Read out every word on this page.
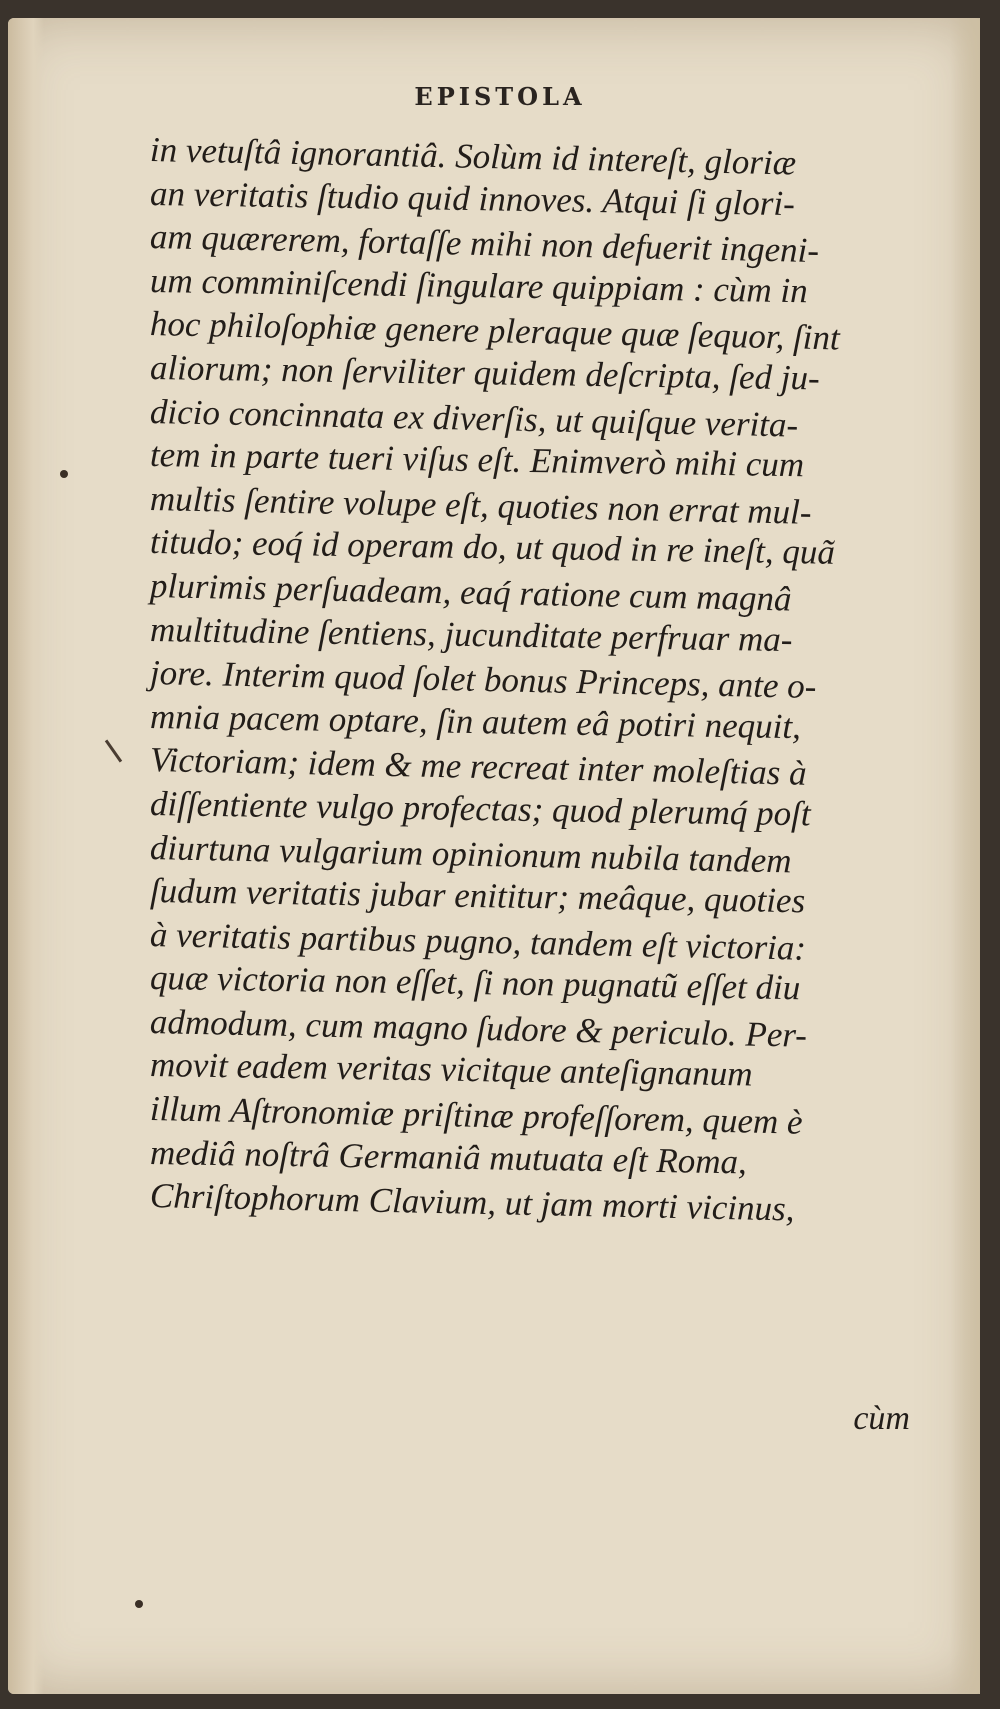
EPISTOLA
in vetuſtâ ignorantiâ. Solùm id intereſt, gloriæ
an veritatis ſtudio quid innoves. Atqui ſi glori-
am quærerem, fortaſſe mihi non defuerit ingeni-
um comminiſcendi ſingulare quippiam : cùm in
hoc philoſophiæ genere pleraque quæ ſequor, ſint
aliorum; non ſerviliter quidem deſcripta, ſed ju-
dicio concinnata ex diverſis, ut quiſque verita-
tem in parte tueri viſus eſt. Enimverò mihi cum
multis ſentire volupe eſt, quoties non errat mul-
titudo; eoq́ id operam do, ut quod in re ineſt, quã
plurimis perſuadeam, eaq́ ratione cum magnâ
multitudine ſentiens, jucunditate perfruar ma-
jore. Interim quod ſolet bonus Princeps, ante o-
mnia pacem optare, ſin autem eâ potiri nequit,
Victoriam; idem & me recreat inter moleſtias à
diſſentiente vulgo profectas; quod plerumq́ poſt
diurtuna vulgarium opinionum nubila tandem
ſudum veritatis jubar enititur; meâque, quoties
à veritatis partibus pugno, tandem eſt victoria:
quæ victoria non eſſet, ſi non pugnatũ eſſet diu
admodum, cum magno ſudore & periculo. Per-
movit eadem veritas vicitque anteſignanum
illum Aſtronomiæ priſtinæ profeſſorem, quem è
mediâ noſtrâ Germaniâ mutuata eſt Roma,
Chriſtophorum Clavium, ut jam morti vicinus,
cùm
